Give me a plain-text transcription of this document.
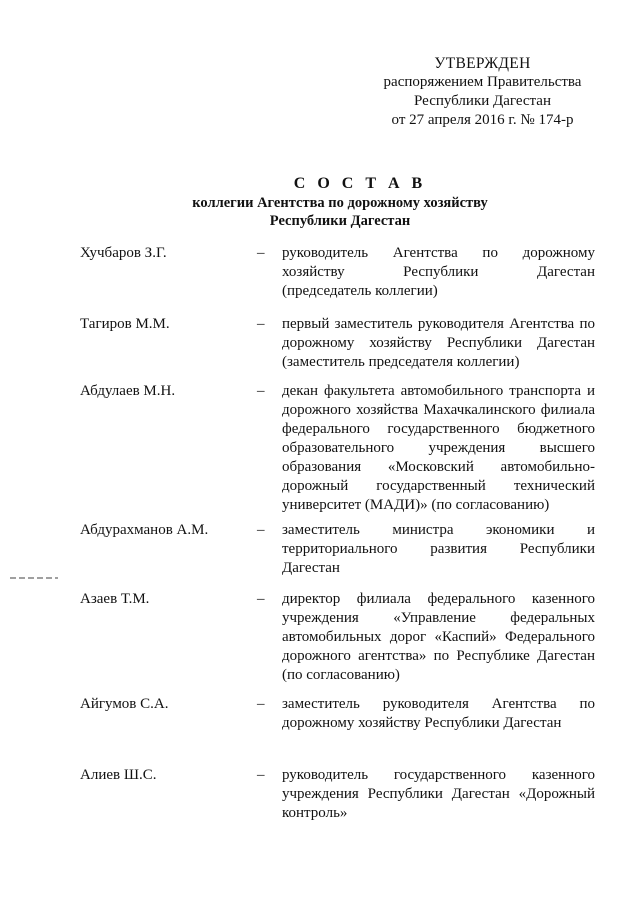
УТВЕРЖДЕН
распоряжением Правительства
Республики Дагестан
от 27 апреля 2016 г. № 174-р
С О С Т А В
коллегии Агентства по дорожному хозяйству
Республики Дагестан
Хучбаров З.Г.	– руководитель Агентства по дорожному
хозяйству Республики Дагестан
(председатель коллегии)
Тагиров М.М.	– первый заместитель руководителя Агентства по
дорожному хозяйству Республики Дагестан
(заместитель председателя коллегии)
Абдулаев М.Н.	– декан факультета автомобильного транспорта и
дорожного хозяйства Махачкалинского филиала
федерального государственного бюджетного
образовательного учреждения высшего
образования «Московский автомобильно-
дорожный государственный технический
университет (МАДИ)» (по согласованию)
Абдурахманов А.М.	– заместитель министра экономики и
территориального развития Республики
Дагестан
Азаев Т.М.	– директор филиала федерального казенного
учреждения «Управление федеральных
автомобильных дорог «Каспий» Федерального
дорожного агентства» по Республике Дагестан
(по согласованию)
Айгумов С.А.	– заместитель руководителя Агентства по
дорожному хозяйству Республики Дагестан
Алиев Ш.С.	– руководитель государственного казенного
учреждения Республики Дагестан «Дорожный
контроль»
